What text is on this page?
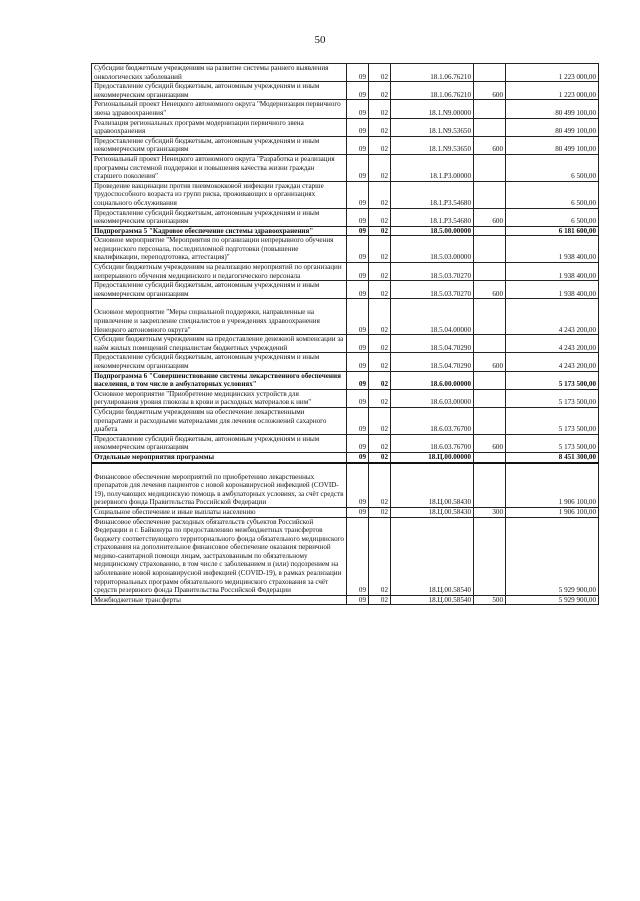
50
Субсидии бюджетным учреждениям на развитие системы раннего выявления онкологических заболеваний	09	02	18.1.06.76210		1 223 000,00
Предоставление субсидий бюджетным, автономным учреждениям и иным некоммерческим организациям	09	02	18.1.06.76210	600	1 223 000,00
Региональный проект Ненецкого автономного округа "Модернизация первичного звена здравоохранения"	09	02	18.1.N9.00000		80 499 100,00
Реализация региональных программ модернизации первичного звена здравоохранения	09	02	18.1.N9.53650		80 499 100,00
Предоставление субсидий бюджетным, автономным учреждениям и иным некоммерческим организациям	09	02	18.1.N9.53650	600	80 499 100,00
Региональный проект Ненецкого автономного округа "Разработка и реализация программы системной поддержки и повышения качества жизни граждан старшего поколения"	09	02	18.1.P3.00000		6 500,00
Проведение вакцинации против пневмококковой инфекции граждан старше трудоспособного возраста из групп риска, проживающих в организациях социального обслуживания	09	02	18.1.P3.54680		6 500,00
Предоставление субсидий бюджетным, автономным учреждениям и иным некоммерческим организациям	09	02	18.1.P3.54680	600	6 500,00
Подпрограмма 5 "Кадровое обеспечение системы здравоохранения"	09	02	18.5.00.00000		6 181 600,00
Основное мероприятие "Мероприятия по организации непрерывного обучения медицинского персонала, последипломной подготовки (повышение квалификации, переподготовка, аттестация)"	09	02	18.5.03.00000		1 938 400,00
Субсидии бюджетным учреждениям на реализацию мероприятий по организации непрерывного обучения медицинского и педагогического персонала	09	02	18.5.03.70270		1 938 400,00
Предоставление субсидий бюджетным, автономным учреждениям и иным некоммерческим организациям	09	02	18.5.03.70270	600	1 938 400,00
Основное мероприятие "Меры социальной поддержки, направленные на привлечение и закрепление специалистов в учреждениях здравоохранения Ненецкого автономного округа"	09	02	18.5.04.00000		4 243 200,00
Субсидии бюджетным учреждениям на предоставление денежной компенсации за наём жилых помещений специалистам бюджетных учреждений	09	02	18.5.04.70290		4 243 200,00
Предоставление субсидий бюджетным, автономным учреждениям и иным некоммерческим организациям	09	02	18.5.04.70290	600	4 243 200,00
Подпрограмма 6 "Совершенствование системы лекарственного обеспечения населения, в том числе в амбулаторных условиях"	09	02	18.6.00.00000		5 173 500,00
Основное мероприятие "Приобретение медицинских устройств для регулирования уровня глюкозы в крови и расходных материалов к ним"	09	02	18.6.03.00000		5 173 500,00
Субсидии бюджетным учреждениям на обеспечение лекарственными препаратами и расходными материалами для лечения осложнений сахарного диабета	09	02	18.6.03.76700		5 173 500,00
Предоставление субсидий бюджетным, автономным учреждениям и иным некоммерческим организациям	09	02	18.6.03.76700	600	5 173 500,00
Отдельные мероприятия программы	09	02	18.Ц.00.00000		8 451 300,00
Финансовое обеспечение мероприятий по приобретению лекарственных препаратов для лечения пациентов с новой коронавирусной инфекцией (COVID-19), получающих медицинскую помощь в амбулаторных условиях, за счёт средств резервного фонда Правительства Российской Федерации	09	02	18.Ц.00.58430		1 906 100,00
Социальное обеспечение и иные выплаты населению	09	02	18.Ц.00.58430	300	1 906 100,00
Финансовое обеспечение расходных обязательств субъектов Российской Федерации и г. Байконура по предоставлению межбюджетных трансфертов бюджету соответствующего территориального фонда обязательного медицинского страхования на дополнительное финансовое обеспечение оказания первичной медико-санитарной помощи лицам, застрахованным по обязательному медицинскому страхованию, в том числе с заболеванием и (или) подозрением на заболевание новой коронавирусной инфекцией (COVID-19), в рамках реализации территориальных программ обязательного медицинского страхования за счёт средств резервного фонда Правительства Российской Федерации	09	02	18.Ц.00.58540		5 929 900,00
Межбюджетные трансферты	09	02	18.Ц.00.58540	500	5 929 900,00
